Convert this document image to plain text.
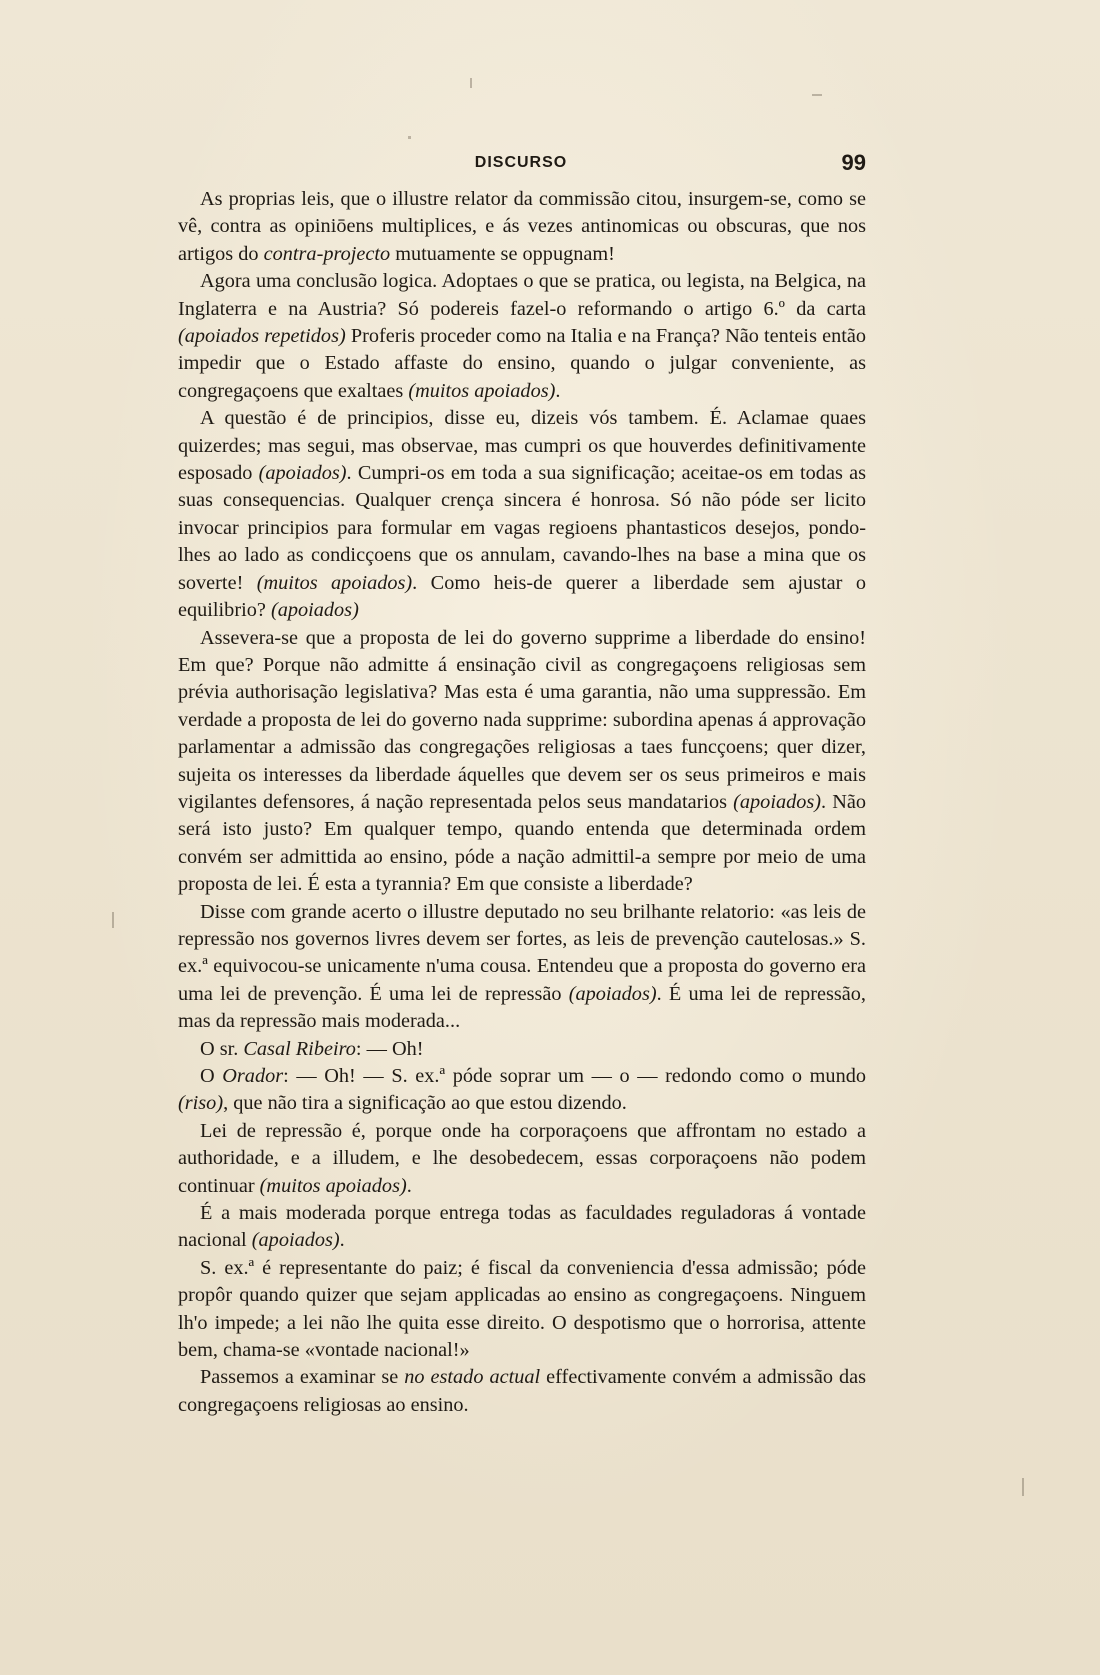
DISCURSO	99

As proprias leis, que o illustre relator da commissão citou, insurgem-se, como se vê, contra as opiniōens multiplices, e ás vezes antinomicas ou obscuras, que nos artigos do contra-projecto mutuamente se oppugnam!

Agora uma conclusão logica. Adoptaes o que se pratica, ou legista, na Belgica, na Inglaterra e na Austria? Só podereis fazel-o reformando o artigo 6.º da carta (apoiados repetidos) Proferis proceder como na Italia e na França? Não tenteis então impedir que o Estado affaste do ensino, quando o julgar conveniente, as congregaçoens que exaltaes (muitos apoiados).

A questão é de principios, disse eu, dizeis vós tambem. É. Aclamae quaes quizerdes; mas segui, mas observae, mas cumpri os que houverdes definitivamente esposado (apoiados). Cumpri-os em toda a sua significação; aceitae-os em todas as suas consequencias. Qualquer crença sincera é honrosa. Só não póde ser licito invocar principios para formular em vagas regioens phantasticos desejos, pondo-lhes ao lado as condicçoens que os annulam, cavando-lhes na base a mina que os soverte! (muitos apoiados). Como heis-de querer a liberdade sem ajustar o equilibrio? (apoiados)

Assevera-se que a proposta de lei do governo supprime a liberdade do ensino! Em que? Porque não admitte á ensinação civil as congregaçoens religiosas sem prévia authorisação legislativa? Mas esta é uma garantia, não uma suppressão. Em verdade a proposta de lei do governo nada supprime: subordina apenas á approvação parlamentar a admissão das congregações religiosas a taes funcçoens; quer dizer, sujeita os interesses da liberdade áquelles que devem ser os seus primeiros e mais vigilantes defensores, á nação representada pelos seus mandatarios (apoiados). Não será isto justo? Em qualquer tempo, quando entenda que determinada ordem convém ser admittida ao ensino, póde a nação admittil-a sempre por meio de uma proposta de lei. É esta a tyrannia? Em que consiste a liberdade?

Disse com grande acerto o illustre deputado no seu brilhante relatorio: «as leis de repressão nos governos livres devem ser fortes, as leis de prevenção cautelosas.» S. ex.ª equivocou-se unicamente n'uma cousa. Entendeu que a proposta do governo era uma lei de prevenção. É uma lei de repressão (apoiados). É uma lei de repressão, mas da repressão mais moderada...

O sr. Casal Ribeiro: — Oh!

O Orador: — Oh! — S. ex.ª póde soprar um — o — redondo como o mundo (riso), que não tira a significação ao que estou dizendo.

Lei de repressão é, porque onde ha corporaçoens que affrontam no estado a authoridade, e a illudem, e lhe desobedecem, essas corporaçoens não podem continuar (muitos apoiados).

É a mais moderada porque entrega todas as faculdades reguladoras á vontade nacional (apoiados).

S. ex.ª é representante do paiz; é fiscal da conveniencia d'essa admissão; póde propôr quando quizer que sejam applicadas ao ensino as congregaçoens. Ninguem lh'o impede; a lei não lhe quita esse direito. O despotismo que o horrorisa, attente bem, chama-se «vontade nacional!»

Passemos a examinar se no estado actual effectivamente convém a admissão das congregaçoens religiosas ao ensino.
